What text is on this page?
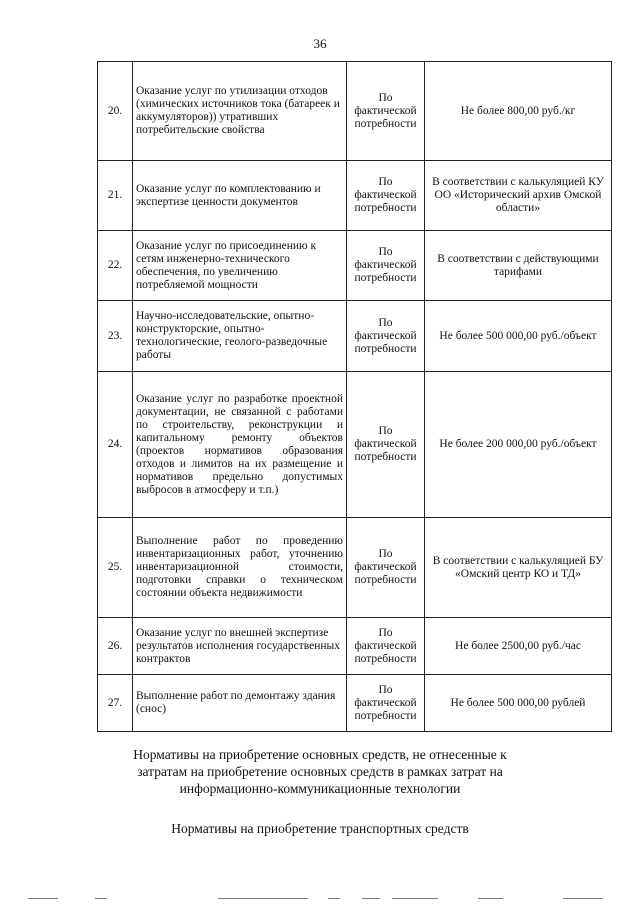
36
20.	Оказание услуг по утилизации отходов (химических источников тока (батареек и аккумуляторов)) утративших потребительские свойства	По фактической потребности	Не более 800,00 руб./кг
21.	Оказание услуг по комплектованию и экспертизе ценности документов	По фактической потребности	В соответствии с калькуляцией КУ ОО «Исторический архив Омской области»
22.	Оказание услуг по присоединению к сетям инженерно-технического обеспечения, по увеличению потребляемой мощности	По фактической потребности	В соответствии с действующими тарифами
23.	Научно-исследовательские, опытно-конструкторские, опытно-технологические, геолого-разведочные работы	По фактической потребности	Не более 500 000,00 руб./объект
24.	Оказание услуг по разработке проектной документации, не связанной с работами по строительству, реконструкции и капитальному ремонту объектов (проектов нормативов образования отходов и лимитов на их размещение и нормативов предельно допустимых выбросов в атмосферу и т.п.)	По фактической потребности	Не более 200 000,00 руб./объект
25.	Выполнение работ по проведению инвентаризационных работ, уточнению инвентаризационной стоимости, подготовки справки о техническом состоянии объекта недвижимости	По фактической потребности	В соответствии с калькуляцией БУ «Омский центр КО и ТД»
26.	Оказание услуг по внешней экспертизе результатов исполнения государственных контрактов	По фактической потребности	Не более 2500,00 руб./час
27.	Выполнение работ по демонтажу здания (снос)	По фактической потребности	Не более 500 000,00 рублей
Нормативы на приобретение основных средств, не отнесенные к затратам на приобретение основных средств в рамках затрат на информационно-коммуникационные технологии
Нормативы на приобретение транспортных средств
